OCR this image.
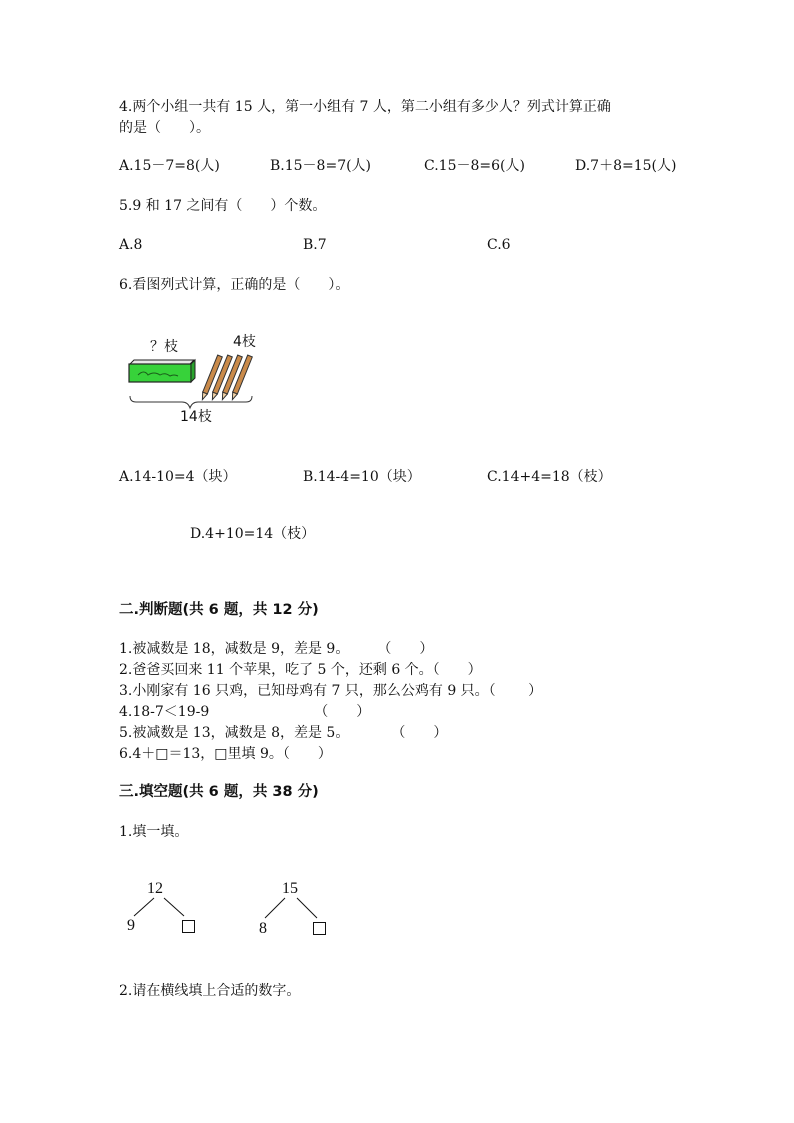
4.两个小组一共有 15 人，第一小组有 7 人，第二小组有多少人？列式计算正确
的是（　　）。
A.15－7=8(人)	B.15－8=7(人)	C.15－8=6(人)	D.7＋8=15(人)
5.9 和 17 之间有（　　）个数。
A.8	B.7	C.6
6.看图列式计算，正确的是（　　）。
？枝	4枝
14枝
A.14-10=4（块）	B.14-4=10（块）	C.14+4=18（枝）
D.4+10=14（枝）
二.判断题(共 6 题，共 12 分)
1.被减数是 18，减数是 9，差是 9。　　　（　　）
2.爸爸买回来 11 个苹果，吃了 5 个，还剩 6 个。（　　）
3.小刚家有 16 只鸡，已知母鸡有 7 只，那么公鸡有 9 只。（　　 ）
4.18-7＜19-9　　　　　　　　（　　）
5.被减数是 13，减数是 8，差是 5。　　　　（　　）
6.4＋□＝13，□里填 9。（　　）
三.填空题(共 6 题，共 38 分)
1.填一填。
12
9
15
8
2.请在横线填上合适的数字。
